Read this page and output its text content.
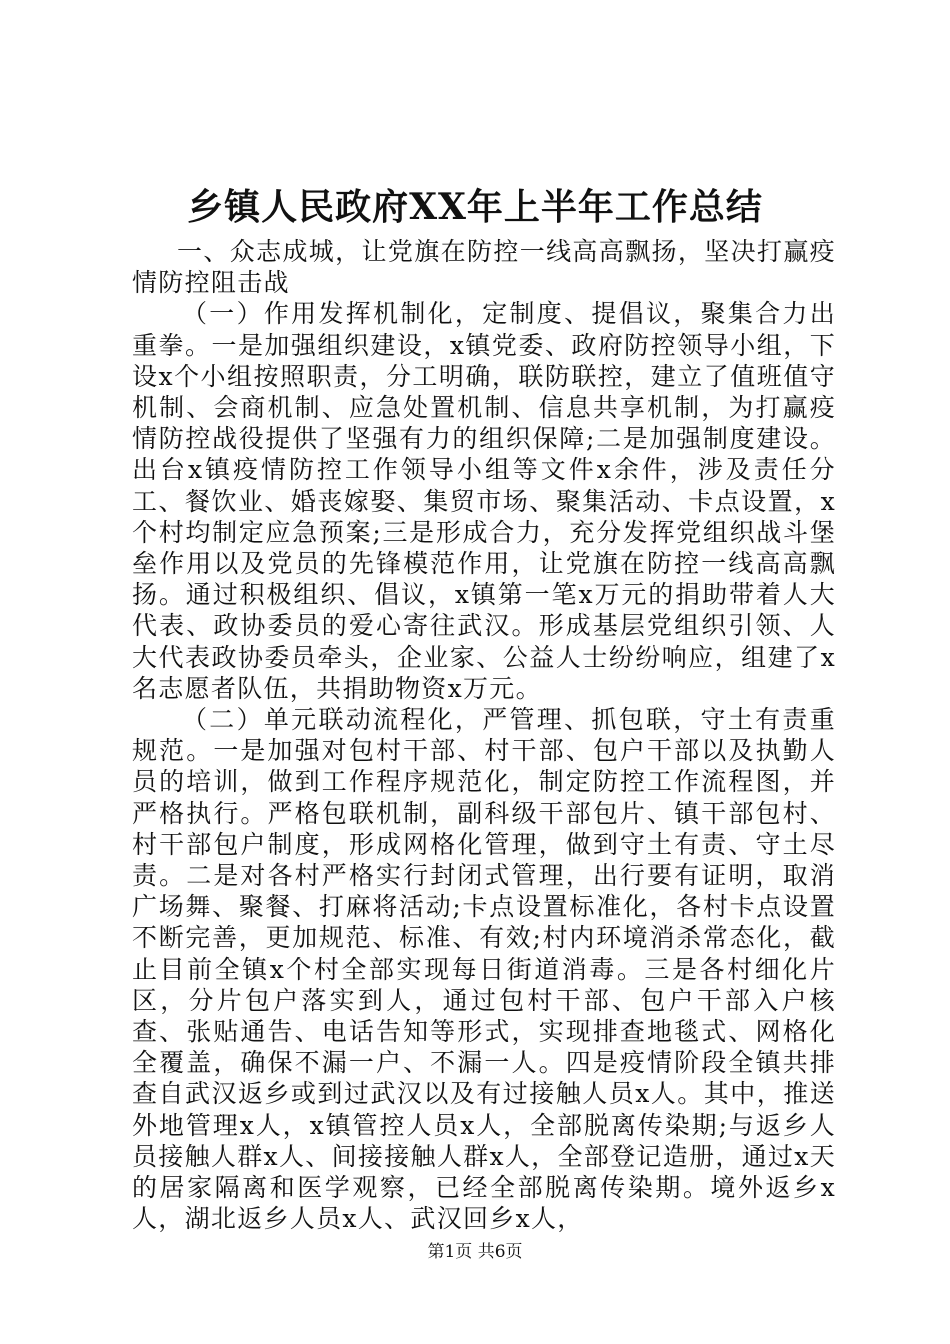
乡镇人民政府XX年上半年工作总结

一、众志成城，让党旗在防控一线高高飘扬，坚决打赢疫情防控阻击战

（一）作用发挥机制化，定制度、提倡议，聚集合力出重拳。一是加强组织建设，x镇党委、政府防控领导小组，下设x个小组按照职责，分工明确，联防联控，建立了值班值守机制、会商机制、应急处置机制、信息共享机制，为打赢疫情防控战役提供了坚强有力的组织保障;二是加强制度建设。出台x镇疫情防控工作领导小组等文件x余件，涉及责任分工、餐饮业、婚丧嫁娶、集贸市场、聚集活动、卡点设置，x个村均制定应急预案;三是形成合力，充分发挥党组织战斗堡垒作用以及党员的先锋模范作用，让党旗在防控一线高高飘扬。通过积极组织、倡议，x镇第一笔x万元的捐助带着人大代表、政协委员的爱心寄往武汉。形成基层党组织引领、人大代表政协委员牵头，企业家、公益人士纷纷响应，组建了x名志愿者队伍，共捐助物资x万元。

（二）单元联动流程化，严管理、抓包联，守土有责重规范。一是加强对包村干部、村干部、包户干部以及执勤人员的培训，做到工作程序规范化，制定防控工作流程图，并严格执行。严格包联机制，副科级干部包片、镇干部包村、村干部包户制度，形成网格化管理，做到守土有责、守土尽责。二是对各村严格实行封闭式管理，出行要有证明，取消广场舞、聚餐、打麻将活动;卡点设置标准化，各村卡点设置不断完善，更加规范、标准、有效;村内环境消杀常态化，截止目前全镇x个村全部实现每日街道消毒。三是各村细化片区，分片包户落实到人，通过包村干部、包户干部入户核查、张贴通告、电话告知等形式，实现排查地毯式、网格化全覆盖，确保不漏一户、不漏一人。四是疫情阶段全镇共排查自武汉返乡或到过武汉以及有过接触人员x人。其中，推送外地管理x人，x镇管控人员x人，全部脱离传染期;与返乡人员接触人群x人、间接接触人群x人，全部登记造册，通过x天的居家隔离和医学观察，已经全部脱离传染期。境外返乡x人，湖北返乡人员x人、武汉回乡x人，

第1页 共6页
